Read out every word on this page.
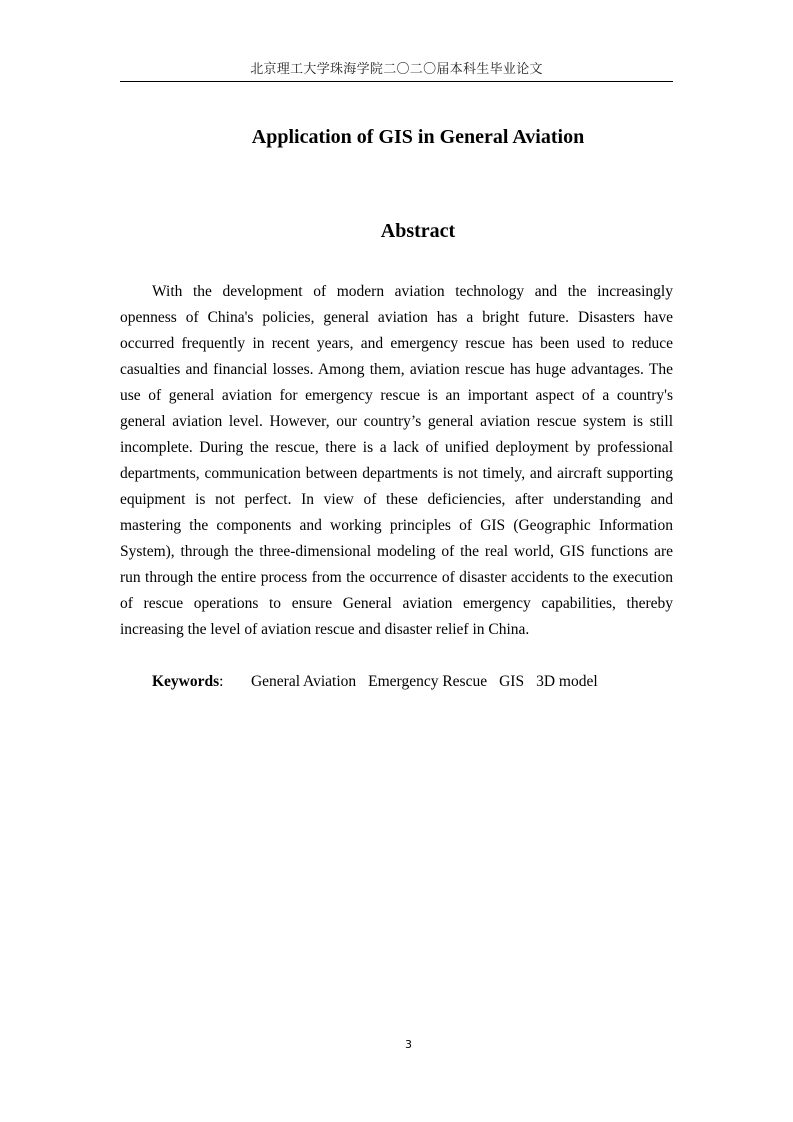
北京理工大学珠海学院二〇二〇届本科生毕业论文
Application of GIS in General Aviation
Abstract

With the development of modern aviation technology and the increasingly openness of China's policies, general aviation has a bright future. Disasters have occurred frequently in recent years, and emergency rescue has been used to reduce casualties and financial losses. Among them, aviation rescue has huge advantages. The use of general aviation for emergency rescue is an important aspect of a country's general aviation level. However, our country’s general aviation rescue system is still incomplete. During the rescue, there is a lack of unified deployment by professional departments, communication between departments is not timely, and aircraft supporting equipment is not perfect. In view of these deficiencies, after understanding and mastering the components and working principles of GIS (Geographic Information System), through the three-dimensional modeling of the real world, GIS functions are run through the entire process from the occurrence of disaster accidents to the execution of rescue operations to ensure General aviation emergency capabilities, thereby increasing the level of aviation rescue and disaster relief in China.

Keywords: General Aviation Emergency Rescue GIS 3D model
3
